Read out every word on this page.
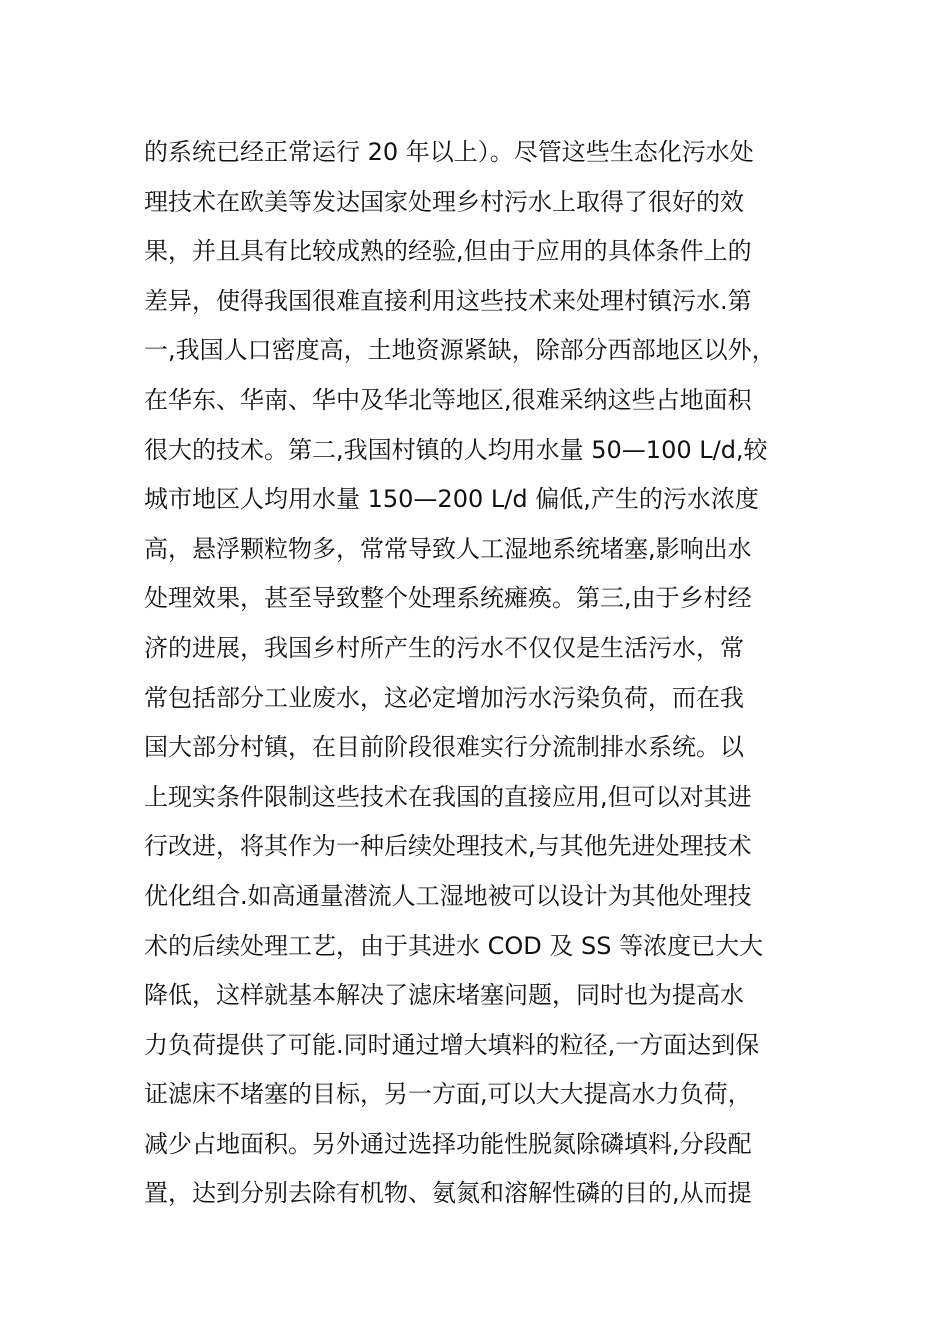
的系统已经正常运行 20 年以上）。尽管这些生态化污水处
理技术在欧美等发达国家处理乡村污水上取得了很好的效
果，并且具有比较成熟的经验,但由于应用的具体条件上的
差异，使得我国很难直接利用这些技术来处理村镇污水.第
一,我国人口密度高，土地资源紧缺，除部分西部地区以外，
在华东、华南、华中及华北等地区,很难采纳这些占地面积
很大的技术。第二,我国村镇的人均用水量 50—100 L/d,较
城市地区人均用水量 150—200 L/d 偏低,产生的污水浓度
高，悬浮颗粒物多，常常导致人工湿地系统堵塞,影响出水
处理效果，甚至导致整个处理系统瘫痪。第三,由于乡村经
济的进展，我国乡村所产生的污水不仅仅是生活污水，常
常包括部分工业废水，这必定增加污水污染负荷，而在我
国大部分村镇，在目前阶段很难实行分流制排水系统。以
上现实条件限制这些技术在我国的直接应用,但可以对其进
行改进，将其作为一种后续处理技术,与其他先进处理技术
优化组合.如高通量潜流人工湿地被可以设计为其他处理技
术的后续处理工艺，由于其进水 COD 及 SS 等浓度已大大
降低，这样就基本解决了滤床堵塞问题，同时也为提高水
力负荷提供了可能.同时通过增大填料的粒径,一方面达到保
证滤床不堵塞的目标，另一方面,可以大大提高水力负荷，
减少占地面积。另外通过选择功能性脱氮除磷填料,分段配
置，达到分别去除有机物、氨氮和溶解性磷的目的,从而提
